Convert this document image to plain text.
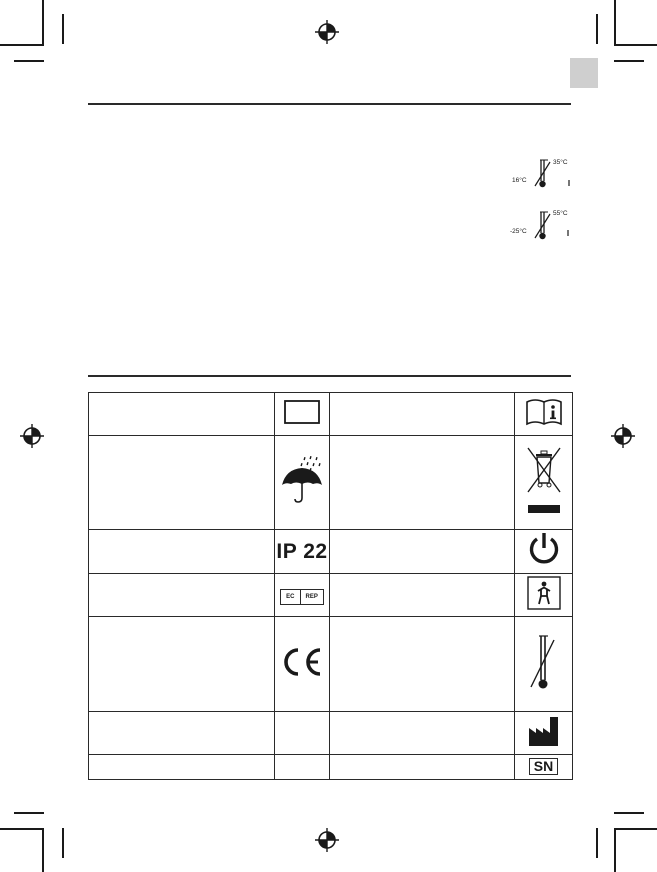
16°C
35°C
-25°C
55°C

	IP 22		

	EC REP

			SN
